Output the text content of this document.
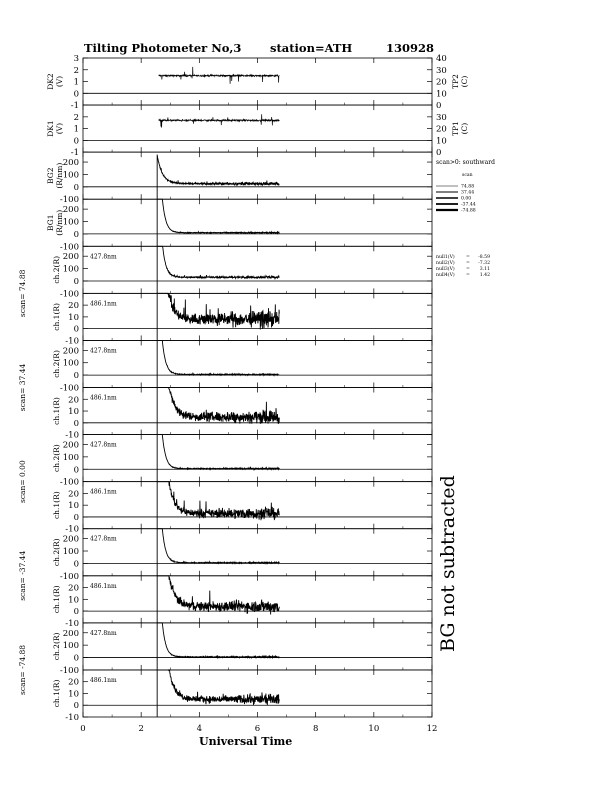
Tilting Photometer No,3 station=ATH	130928
-1
0
1
2
3
0
10
20
30
40
TP2(C)
DK2(V)
-1
0
1
2
0
10
20
30
TP1(C)
DK1(V)
-100
0
100
200
BG2(R/nm)
-100
0
100
200
BG1(R/nm)
-100
0
100
200
ch.2(R)	427.8nm
-10
0
10
20
ch.1(R)	486.1nm
-100
0
100
200
ch.2(R)	427.8nm
-10
0
10
20
ch.1(R)	486.1nm
-100
0
100
200
ch.2(R)	427.8nm
-10
0
10
20
ch.1(R)	486.1nm
-100
0
100
200
ch.2(R)	427.8nm
-10
0
10
20
ch.1(R)	486.1nm
-100
0
100
200
ch.2(R)	427.8nm
-10
0
10
20
ch.1(R)	486.1nm
scan= 74.88
scan= 37.44
scan= 0.00
scan= -37.44
scan= -74.88
scan>0: southward
scan
74.88
37.44
0.00
-37.44
-74.88
null1(V) = -8.59
null2(V) = -7.32
null3(V) = 3.11
null4(V) = 1.42
0	2	4	6	8	10	12
Universal Time
BG not subtracted
